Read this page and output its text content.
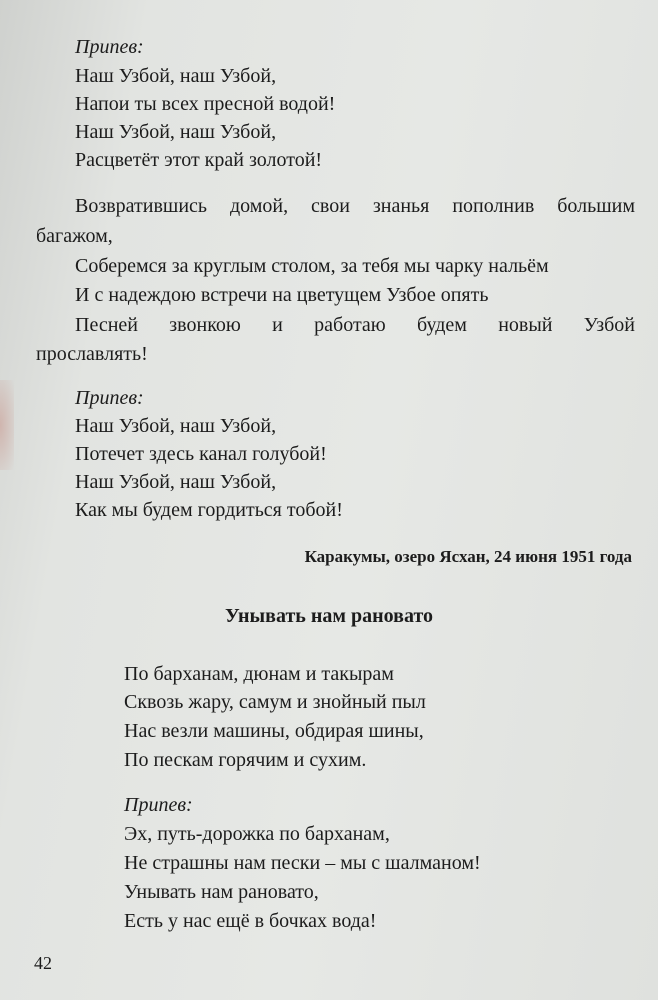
Припев:
Наш Узбой, наш Узбой,
Напои ты всех пресной водой!
Наш Узбой, наш Узбой,
Расцветёт этот край золотой!
Возвратившись домой, свои знанья пополнив большим
багажом,
Соберемся за круглым столом, за тебя мы чарку нальём
И с надеждою встречи на цветущем Узбое опять
Песней звонкою и работаю будем новый Узбой
прославлять!
Припев:
Наш Узбой, наш Узбой,
Потечет здесь канал голубой!
Наш Узбой, наш Узбой,
Как мы будем гордиться тобой!
Каракумы, озеро Ясхан, 24 июня 1951 года
Унывать нам рановато
По барханам, дюнам и такырам
Сквозь жару, самум и знойный пыл
Нас везли машины, обдирая шины,
По пескам горячим и сухим.
Припев:
Эх, путь-дорожка по барханам,
Не страшны нам пески – мы с шалманом!
Унывать нам рановато,
Есть у нас ещё в бочках вода!
42
